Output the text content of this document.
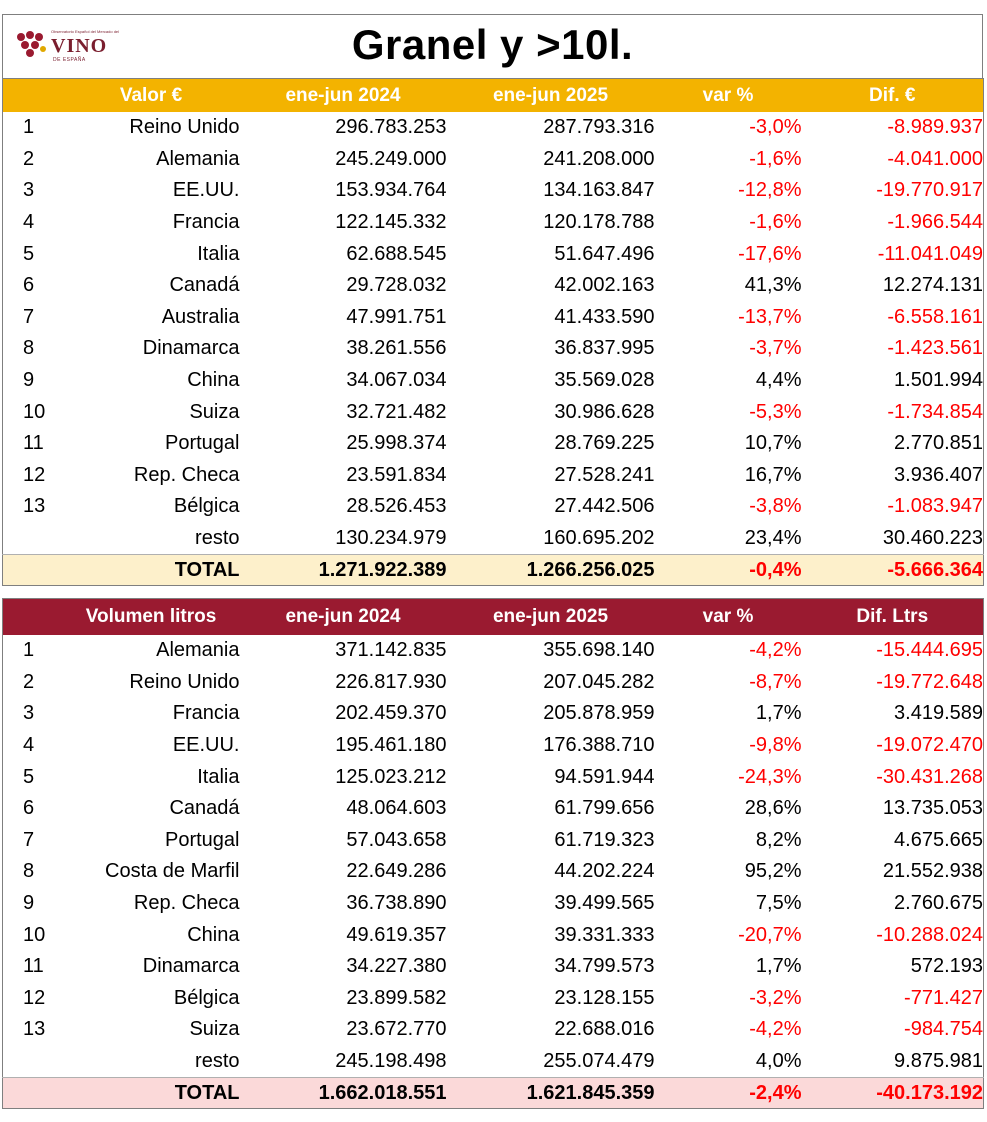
Observatorio Español del Mercado del
VINO
DE ESPAÑA	Granel y >10l.
	Valor €	ene-jun 2024	ene-jun 2025	var %	Dif. €
1	Reino Unido	296.783.253	287.793.316	-3,0%	-8.989.937
2	Alemania	245.249.000	241.208.000	-1,6%	-4.041.000
3	EE.UU.	153.934.764	134.163.847	-12,8%	-19.770.917
4	Francia	122.145.332	120.178.788	-1,6%	-1.966.544
5	Italia	62.688.545	51.647.496	-17,6%	-11.041.049
6	Canadá	29.728.032	42.002.163	41,3%	12.274.131
7	Australia	47.991.751	41.433.590	-13,7%	-6.558.161
8	Dinamarca	38.261.556	36.837.995	-3,7%	-1.423.561
9	China	34.067.034	35.569.028	4,4%	1.501.994
10	Suiza	32.721.482	30.986.628	-5,3%	-1.734.854
11	Portugal	25.998.374	28.769.225	10,7%	2.770.851
12	Rep. Checa	23.591.834	27.528.241	16,7%	3.936.407
13	Bélgica	28.526.453	27.442.506	-3,8%	-1.083.947
	resto	130.234.979	160.695.202	23,4%	30.460.223
	TOTAL	1.271.922.389	1.266.256.025	-0,4%	-5.666.364
	Volumen litros	ene-jun 2024	ene-jun 2025	var %	Dif. Ltrs
1	Alemania	371.142.835	355.698.140	-4,2%	-15.444.695
2	Reino Unido	226.817.930	207.045.282	-8,7%	-19.772.648
3	Francia	202.459.370	205.878.959	1,7%	3.419.589
4	EE.UU.	195.461.180	176.388.710	-9,8%	-19.072.470
5	Italia	125.023.212	94.591.944	-24,3%	-30.431.268
6	Canadá	48.064.603	61.799.656	28,6%	13.735.053
7	Portugal	57.043.658	61.719.323	8,2%	4.675.665
8	Costa de Marfil	22.649.286	44.202.224	95,2%	21.552.938
9	Rep. Checa	36.738.890	39.499.565	7,5%	2.760.675
10	China	49.619.357	39.331.333	-20,7%	-10.288.024
11	Dinamarca	34.227.380	34.799.573	1,7%	572.193
12	Bélgica	23.899.582	23.128.155	-3,2%	-771.427
13	Suiza	23.672.770	22.688.016	-4,2%	-984.754
	resto	245.198.498	255.074.479	4,0%	9.875.981
	TOTAL	1.662.018.551	1.621.845.359	-2,4%	-40.173.192
